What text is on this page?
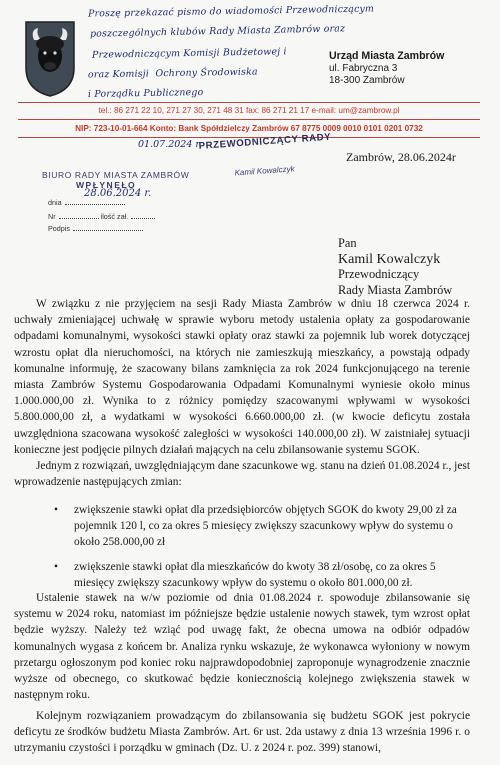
Proszę przekazać pismo do wiadomości Przewodniczącym
poszczególnych klubów Rady Miasta Zambrów oraz
Przewodniczącym Komisji Budżetowej i
oraz Komisji Ochrony Środowiska
i Porządku Publicznego
Urząd Miasta Zambrów
ul. Fabryczna 3
18-300 Zambrów
tel.: 86 271 22 10, 271 27 30, 271 48 31 fax: 86 271 21 17 e-mail: um@zambrow.pl
NIP: 723-10-01-664 Konto: Bank Spółdzielczy Zambrów 67 8775 0009 0010 0101 0201 0732
BIURO RADY MIASTA ZAMBRÓW
WPŁYNĘŁO
dnia
28.06.2024 r.
Nr	ilość zał.
Podpis
01.07.2024 r.
PRZEWODNICZĄCY RADY
Kamil Kowalczyk
Zambrów, 28.06.2024r
Pan
Kamil Kowalczyk
Przewodniczący
Rady Miasta Zambrów

W związku z nie przyjęciem na sesji Rady Miasta Zambrów w dniu 18 czerwca 2024 r. uchwały zmieniającej uchwałę w sprawie wyboru metody ustalenia opłaty za gospodarowanie odpadami komunalnymi, wysokości stawki opłaty oraz stawki za pojemnik lub worek dotyczącej wzrostu opłat dla nieruchomości, na których nie zamieszkują mieszkańcy, a powstają odpady komunalne informuję, że szacowany bilans zamknięcia za rok 2024 funkcjonującego na terenie miasta Zambrów Systemu Gospodarowania Odpadami Komunalnymi wyniesie około minus 1.000.000,00 zł. Wynika to z różnicy pomiędzy szacowanymi wpływami w wysokości 5.800.000,00 zł, a wydatkami w wysokości 6.660.000,00 zł. (w kwocie deficytu została uwzględniona szacowana wysokość zaległości w wysokości 140.000,00 zł). W zaistniałej sytuacji konieczne jest podjęcie pilnych działań mających na celu zbilansowanie systemu SGOK.

Jednym z rozwiązań, uwzględniającym dane szacunkowe wg. stanu na dzień 01.08.2024 r., jest wprowadzenie następujących zmian:

• zwiększenie stawki opłat dla przedsiębiorców objętych SGOK do kwoty 29,00 zł za pojemnik 120 l, co za okres 5 miesięcy zwiększy szacunkowy wpływ do systemu o około 258.000,00 zł
• zwiększenie stawki opłat dla mieszkańców do kwoty 38 zł/osobę, co za okres 5 miesięcy zwiększy szacunkowy wpływ do systemu o około 801.000,00 zł.

Ustalenie stawek na w/w poziomie od dnia 01.08.2024 r. spowoduje zbilansowanie się systemu w 2024 roku, natomiast im późniejsze będzie ustalenie nowych stawek, tym wzrost opłat będzie wyższy. Należy też wziąć pod uwagę fakt, że obecna umowa na odbiór odpadów komunalnych wygasa z końcem br. Analiza rynku wskazuje, że wykonawca wyłoniony w nowym przetargu ogłoszonym pod koniec roku najprawdopodobniej zaproponuje wynagrodzenie znacznie wyższe od obecnego, co skutkować będzie koniecznością kolejnego zwiększenia stawek w następnym roku.

Kolejnym rozwiązaniem prowadzącym do zbilansowania się budżetu SGOK jest pokrycie deficytu ze środków budżetu Miasta Zambrów. Art. 6r ust. 2da ustawy z dnia 13 września 1996 r. o utrzymaniu czystości i porządku w gminach (Dz. U. z 2024 r. poz. 399) stanowi,
